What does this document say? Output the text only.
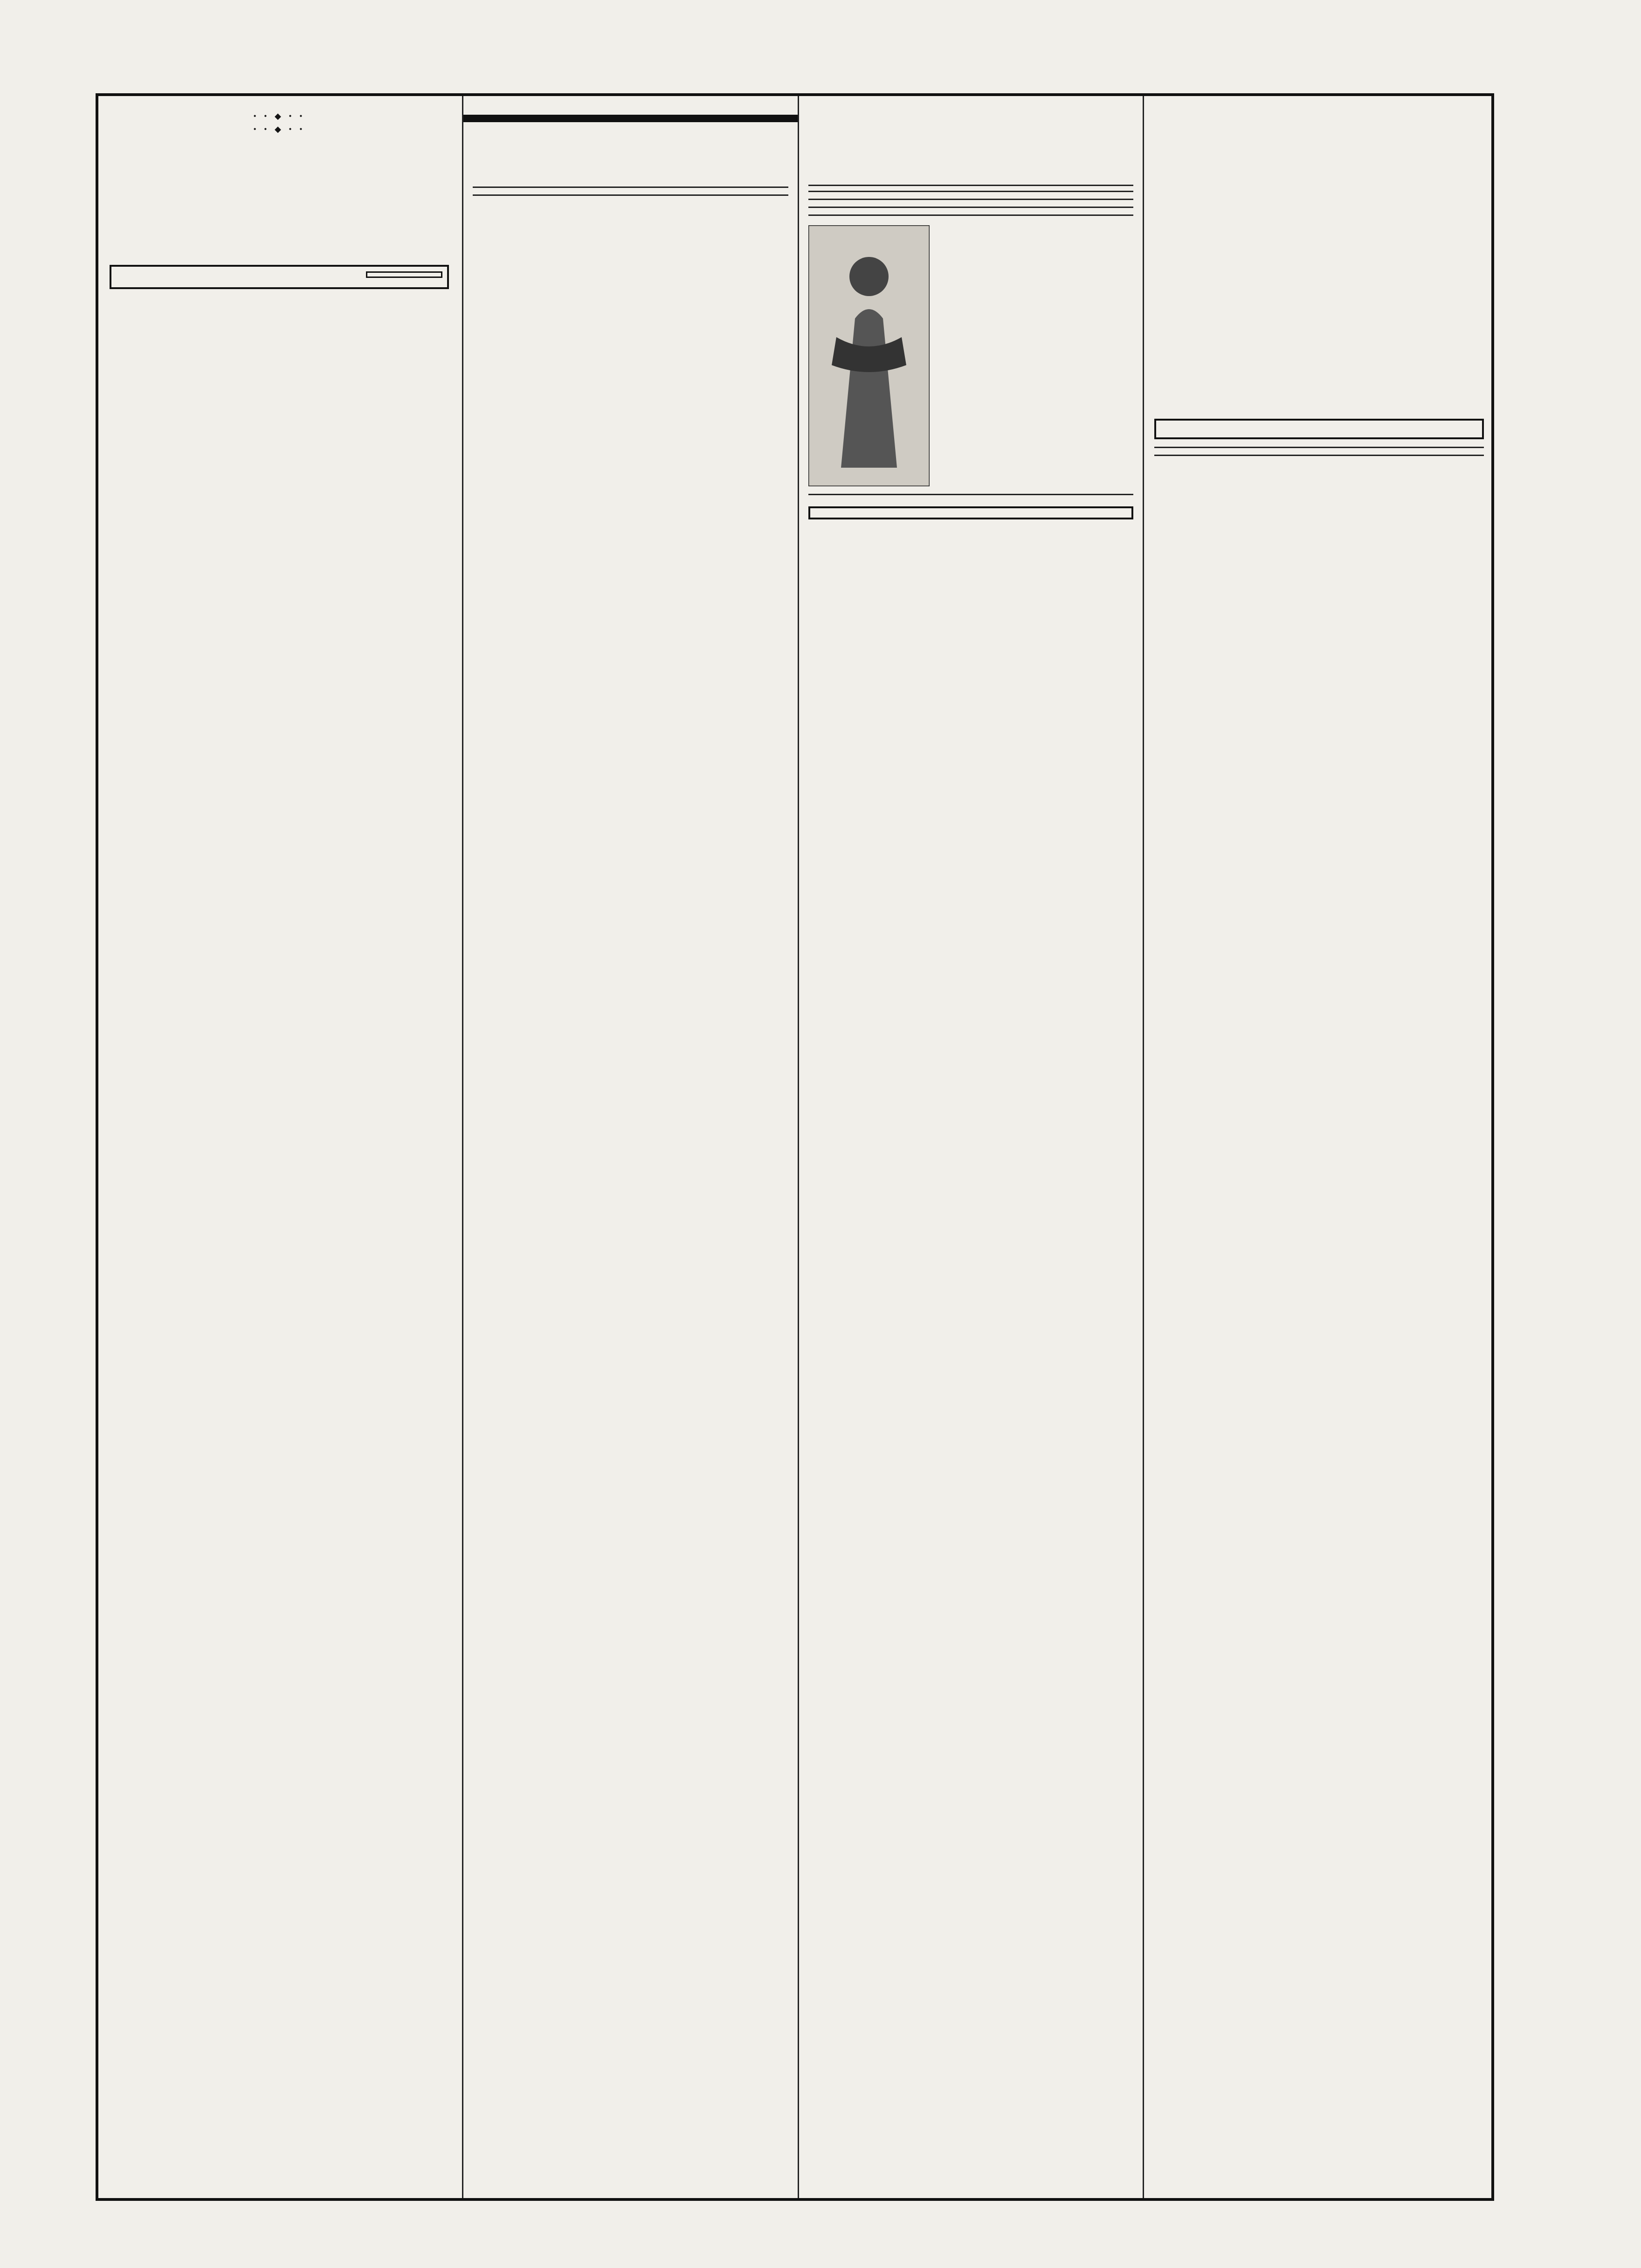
• • ◆ • •

• • ◆ • •
